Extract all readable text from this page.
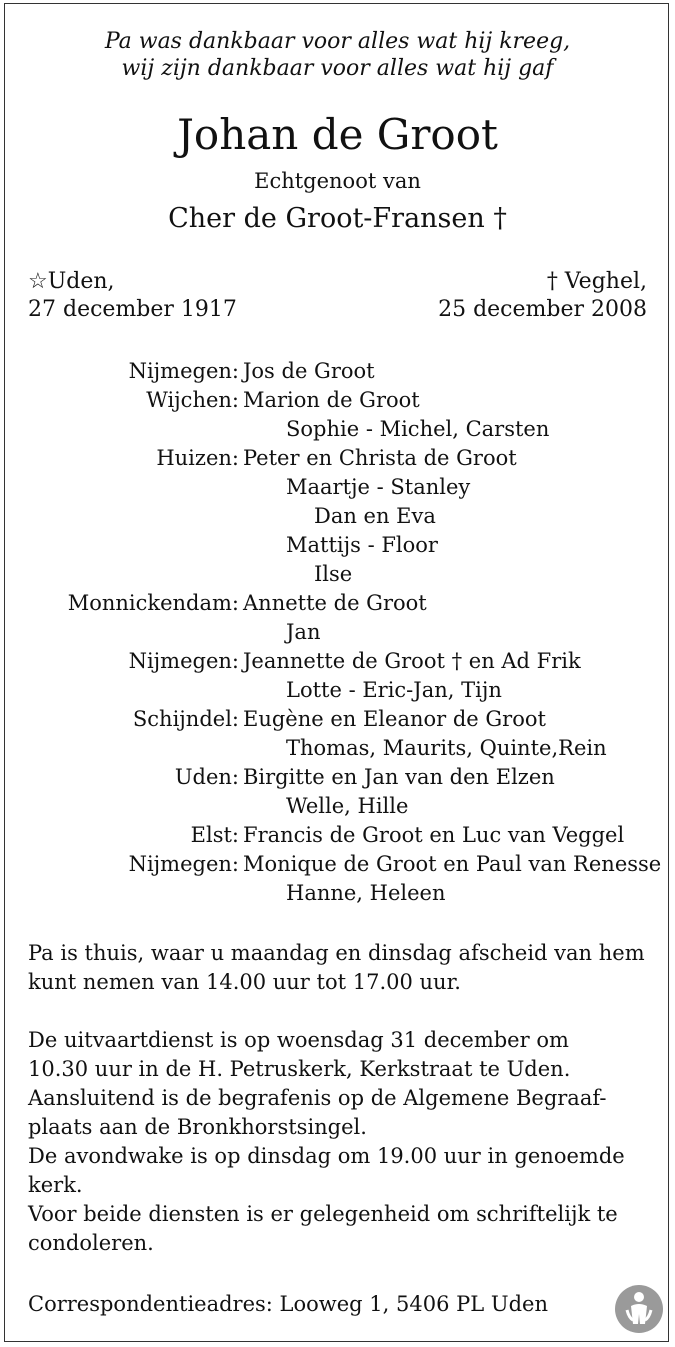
Pa was dankbaar voor alles wat hij kreeg,
wij zijn dankbaar voor alles wat hij gaf
Johan de Groot
Echtgenoot van
Cher de Groot-Fransen †
☆Uden,
27 december 1917
† Veghel,
25 december 2008
Nijmegen: Jos de Groot
Wijchen: Marion de Groot
Sophie - Michel, Carsten
Huizen: Peter en Christa de Groot
Maartje - Stanley
Dan en Eva
Mattijs - Floor
Ilse
Monnickendam: Annette de Groot
Jan
Nijmegen: Jeannette de Groot † en Ad Frik
Lotte - Eric-Jan, Tijn
Schijndel: Eugène en Eleanor de Groot
Thomas, Maurits, Quinte,Rein
Uden: Birgitte en Jan van den Elzen
Welle, Hille
Elst: Francis de Groot en Luc van Veggel
Nijmegen: Monique de Groot en Paul van Renesse
Hanne, Heleen
Pa is thuis, waar u maandag en dinsdag afscheid van hem
kunt nemen van 14.00 uur tot 17.00 uur.
De uitvaartdienst is op woensdag 31 december om
10.30 uur in de H. Petruskerk, Kerkstraat te Uden.
Aansluitend is de begrafenis op de Algemene Begraaf-
plaats aan de Bronkhorstsingel.
De avondwake is op dinsdag om 19.00 uur in genoemde
kerk.
Voor beide diensten is er gelegenheid om schriftelijk te
condoleren.
Correspondentieadres: Looweg 1, 5406 PL Uden
